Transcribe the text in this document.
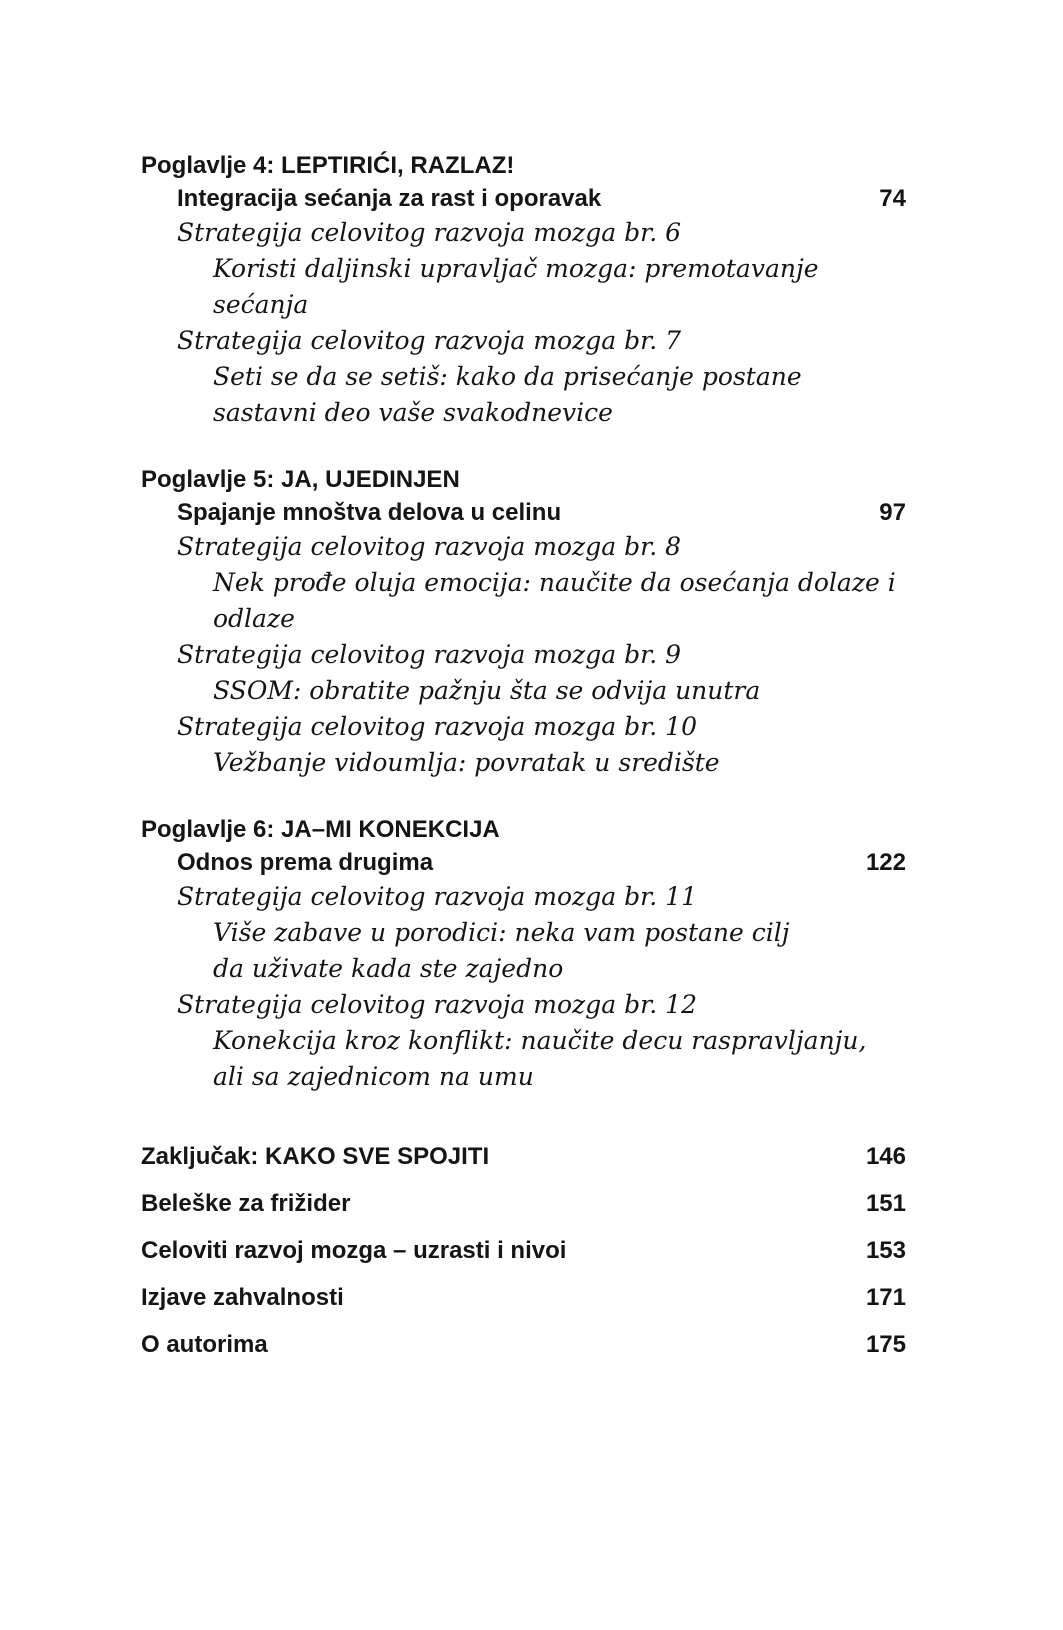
Poglavlje 4: LEPTIRIĆI, RAZLAZ!
Integracija sećanja za rast i oporavak	74
Strategija celovitog razvoja mozga br. 6
Koristi daljinski upravljač mozga: premotavanje
sećanja
Strategija celovitog razvoja mozga br. 7
Seti se da se setiš: kako da prisećanje postane
sastavni deo vaše svakodnevice
Poglavlje 5: JA, UJEDINJEN
Spajanje mnoštva delova u celinu	97
Strategija celovitog razvoja mozga br. 8
Nek prođe oluja emocija: naučite da osećanja dolaze i
odlaze
Strategija celovitog razvoja mozga br. 9
SSOM: obratite pažnju šta se odvija unutra
Strategija celovitog razvoja mozga br. 10
Vežbanje vidoumlja: povratak u središte
Poglavlje 6: JA–MI KONEKCIJA
Odnos prema drugima	122
Strategija celovitog razvoja mozga br. 11
Više zabave u porodici: neka vam postane cilj
da uživate kada ste zajedno
Strategija celovitog razvoja mozga br. 12
Konekcija kroz konflikt: naučite decu raspravljanju,
ali sa zajednicom na umu
Zaključak: KAKO SVE SPOJITI	146
Beleške za frižider	151
Celoviti razvoj mozga – uzrasti i nivoi	153
Izjave zahvalnosti	171
O autorima	175
